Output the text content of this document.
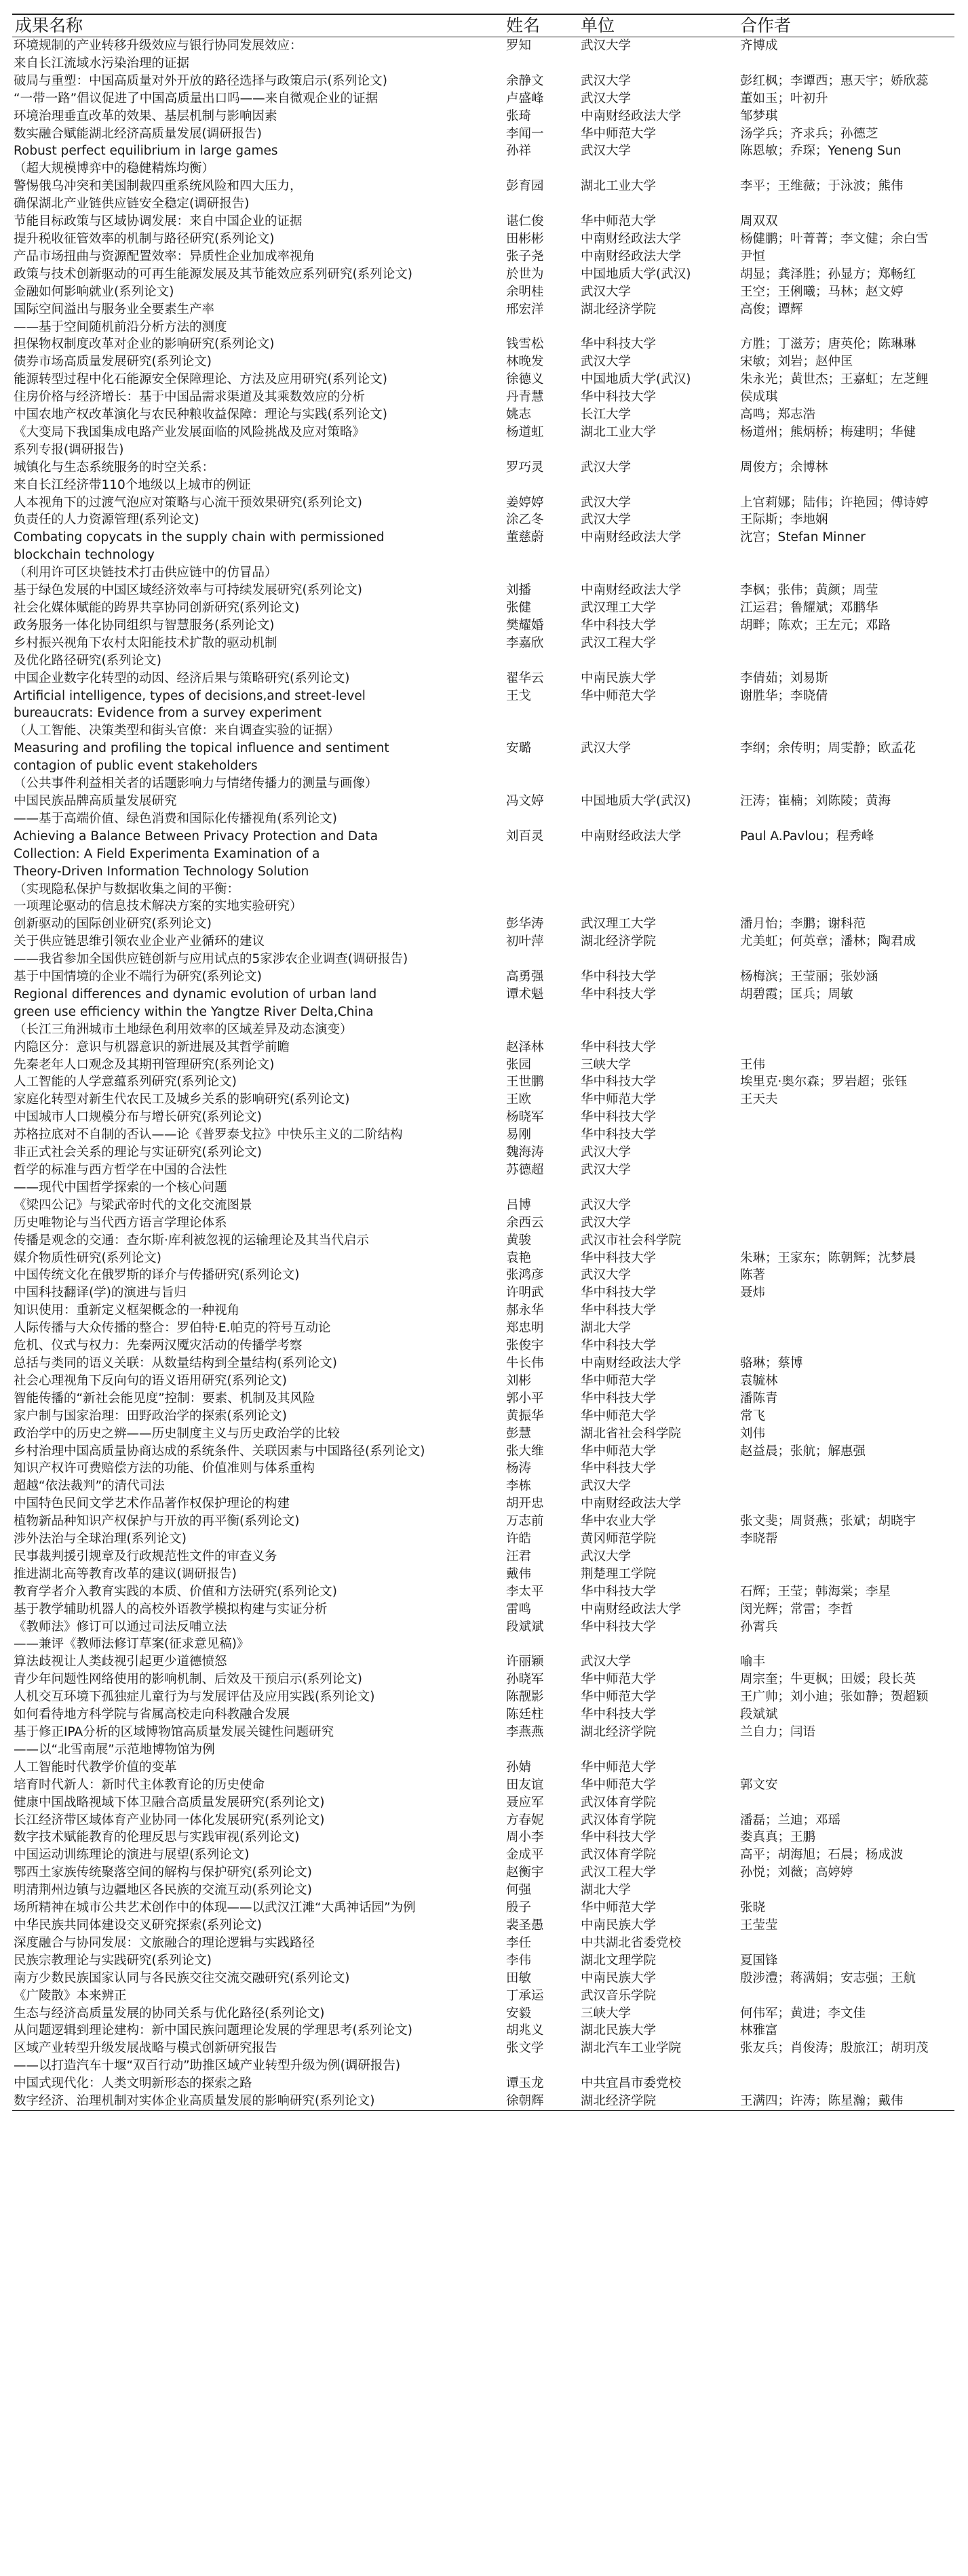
成果名称	姓名	单位	合作者

环境规制的产业转移升级效应与银行协同发展效应：
来自长江流域水污染治理的证据	罗知	武汉大学	齐博成

破局与重塑：中国高质量对外开放的路径选择与政策启示(系列论文)	余静文	武汉大学	彭红枫；李谭西；惠天宇；娇欣蕊

“一带一路”倡议促进了中国高质量出口吗——来自微观企业的证据	卢盛峰	武汉大学	董如玉；叶初升

环境治理垂直改革的效果、基层机制与影响因素	张琦	中南财经政法大学	邹梦琪

数实融合赋能湖北经济高质量发展(调研报告)	李闻一	华中师范大学	汤学兵；齐求兵；孙德芝

Robust perfect equilibrium in large games
（超大规模博弈中的稳健精炼均衡）	孙祥	武汉大学	陈恩敏；乔琛；Yeneng Sun

警惕俄乌冲突和美国制裁四重系统风险和四大压力，
确保湖北产业链供应链安全稳定(调研报告)	彭育园	湖北工业大学	李平；王维薇；于泳波；熊伟

节能目标政策与区域协调发展：来自中国企业的证据	谌仁俊	华中师范大学	周双双

提升税收征管效率的机制与路径研究(系列论文)	田彬彬	中南财经政法大学	杨健鹏；叶菁菁；李文健；余白雪

产品市场扭曲与资源配置效率：异质性企业加成率视角	张子尧	中南财经政法大学	尹恒

政策与技术创新驱动的可再生能源发展及其节能效应系列研究(系列论文)	於世为	中国地质大学(武汉)	胡显；龚泽胜；孙显方；郑畅红

金融如何影响就业(系列论文)	余明桂	武汉大学	王空；王俐曦；马林；赵文婷

国际空间溢出与服务业全要素生产率
——基于空间随机前沿分析方法的测度	邢宏洋	湖北经济学院	高俊；谭辉

担保物权制度改革对企业的影响研究(系列论文)	钱雪松	华中科技大学	方胜；丁滋芳；唐英伦；陈琳琳

债券市场高质量发展研究(系列论文)	林晚发	武汉大学	宋敏；刘岩；赵仲匡

能源转型过程中化石能源安全保障理论、方法及应用研究(系列论文)	徐德义	中国地质大学(武汉)	朱永光；黄世杰；王嘉虹；左芝鲤

住房价格与经济增长：基于中国品需求渠道及其乘数效应的分析	丹青慧	华中科技大学	侯成琪

中国农地产权改革演化与农民种粮收益保障：理论与实践(系列论文)	姚志	长江大学	高鸣；郑志浩

《大变局下我国集成电路产业发展面临的风险挑战及应对策略》
系列专报(调研报告)	杨道虹	湖北工业大学	杨道州；熊炳桥；梅建明；华健

城镇化与生态系统服务的时空关系：
来自长江经济带110个地级以上城市的例证	罗巧灵	武汉大学	周俊方；余博林

人本视角下的过渡气泡应对策略与心流干预效果研究(系列论文)	姜婷婷	武汉大学	上官莉娜；陆伟；许艳园；傅诗婷

负责任的人力资源管理(系列论文)	涂乙冬	武汉大学	王际斯；李地娴

Combating copycats in the supply chain with permissioned
blockchain technology
（利用许可区块链技术打击供应链中的仿冒品）	董慈蔚	中南财经政法大学	沈宫；Stefan Minner

基于绿色发展的中国区域经济效率与可持续发展研究(系列论文)	刘播	中南财经政法大学	李枫；张伟；黄颜；周莹

社会化媒体赋能的跨界共享协同创新研究(系列论文)	张健	武汉理工大学	江运君；鲁耀斌；邓鹏华

政务服务一体化协同组织与智慧服务(系列论文)	樊耀婚	华中科技大学	胡畔；陈欢；王左元；邓路

乡村振兴视角下农村太阳能技术扩散的驱动机制
及优化路径研究(系列论文)	李嘉欣	武汉工程大学	

中国企业数字化转型的动因、经济后果与策略研究(系列论文)	翟华云	中南民族大学	李倩茹；刘易斯

Artificial intelligence, types of decisions,and street-level
bureaucrats: Evidence from a survey experiment
（人工智能、决策类型和街头官僚：来自调查实验的证据）	王戈	华中师范大学	谢胜华；李晓倩

Measuring and profiling the topical influence and sentiment
contagion of public event stakeholders
（公共事件利益相关者的话题影响力与情绪传播力的测量与画像）	安璐	武汉大学	李纲；余传明；周雯静；欧孟花

中国民族品牌高质量发展研究
——基于高端价值、绿色消费和国际化传播视角(系列论文)	冯文婷	中国地质大学(武汉)	汪涛；崔楠；刘陈陵；黄海

Achieving a Balance Between Privacy Protection and Data
Collection: A Field Experimenta Examination of a
Theory-Driven Information Technology Solution
（实现隐私保护与数据收集之间的平衡：
一项理论驱动的信息技术解决方案的实地实验研究）	刘百灵	中南财经政法大学	Paul A.Pavlou；程秀峰

创新驱动的国际创业研究(系列论文)	彭华涛	武汉理工大学	潘月怡；李鹏；谢科范

关于供应链思维引领农业企业产业循环的建议
——我省参加全国供应链创新与应用试点的5家涉农企业调查(调研报告)	初叶萍	湖北经济学院	尤美虹；何英章；潘林；陶君成

基于中国情境的企业不端行为研究(系列论文)	高勇强	华中科技大学	杨梅滨；王莹丽；张妙涵

Regional differences and dynamic evolution of urban land
green use efficiency within the Yangtze River Delta,China
（长江三角洲城市土地绿色利用效率的区域差异及动态演变）	谭术魁	华中科技大学	胡碧霞；匡兵；周敏

内隐区分：意识与机器意识的新进展及其哲学前瞻	赵泽林	华中科技大学	

先秦老年人口观念及其期刊管理研究(系列论文)	张园	三峡大学	王伟

人工智能的人学意蕴系列研究(系列论文)	王世鹏	华中科技大学	埃里克·奥尔森；罗岩超；张钰

家庭化转型对新生代农民工及城乡关系的影响研究(系列论文)	王欧	华中师范大学	王天夫

中国城市人口规模分布与增长研究(系列论文)	杨晓军	华中科技大学	

苏格拉底对不自制的否认——论《普罗泰戈拉》中快乐主义的二阶结构	易刚	华中科技大学	

非正式社会关系的理论与实证研究(系列论文)	魏海涛	武汉大学	

哲学的标准与西方哲学在中国的合法性
——现代中国哲学探索的一个核心问题	苏德超	武汉大学	

《梁四公记》与梁武帝时代的文化交流图景	吕博	武汉大学	

历史唯物论与当代西方语言学理论体系	余西云	武汉大学	

传播是观念的交通：查尔斯·库利被忽视的运输理论及其当代启示	黄骏	武汉市社会科学院	

媒介物质性研究(系列论文)	袁艳	华中科技大学	朱琳；王家东；陈朝辉；沈梦晨

中国传统文化在俄罗斯的译介与传播研究(系列论文)	张鸿彦	武汉大学	陈著

中国科技翻译(学)的演进与旨归	许明武	华中科技大学	聂炜

知识使用：重新定义框架概念的一种视角	郝永华	华中科技大学	

人际传播与大众传播的整合：罗伯特·E.帕克的符号互动论	郑忠明	湖北大学	

危机、仪式与权力：先秦两汉魇灾活动的传播学考察	张俊宇	华中科技大学	

总括与类同的语义关联：从数量结构到全量结构(系列论文)	牛长伟	中南财经政法大学	骆琳；蔡博

社会心理视角下反向句的语义语用研究(系列论文)	刘彬	华中师范大学	袁毓林

智能传播的“新社会能见度”控制：要素、机制及其风险	郭小平	华中科技大学	潘陈青

家户制与国家治理：田野政治学的探索(系列论文)	黄振华	华中师范大学	常飞

政治学中的历史之辨——历史制度主义与历史政治学的比较	彭慧	湖北省社会科学院	刘伟

乡村治理中国高质量协商达成的系统条件、关联因素与中国路径(系列论文)	张大维	华中师范大学	赵益晨；张航；解惠强

知识产权许可费赔偿方法的功能、价值准则与体系重构	杨涛	华中科技大学	

超越“依法裁判”的清代司法	李栋	武汉大学	

中国特色民间文学艺术作品著作权保护理论的构建	胡开忠	中南财经政法大学	

植物新品种知识产权保护与开放的再平衡(系列论文)	万志前	华中农业大学	张文斐；周贤燕；张斌；胡晓宇

涉外法治与全球治理(系列论文)	许皓	黄冈师范学院	李晓帮

民事裁判援引规章及行政规范性文件的审查义务	汪君	武汉大学	

推进湖北高等教育改革的建议(调研报告)	戴伟	荆楚理工学院	

教育学者介入教育实践的本质、价值和方法研究(系列论文)	李太平	华中科技大学	石辉；王莹；韩海棠；李星

基于教学辅助机器人的高校外语教学模拟构建与实证分析	雷鸣	中南财经政法大学	闵光辉；常雷；李哲

《教师法》修订可以通过司法反哺立法
——兼评《教师法修订草案(征求意见稿)》	段斌斌	华中科技大学	孙霄兵

算法歧视让人类歧视引起更少道德愤怒	许丽颖	武汉大学	喻丰

青少年问题性网络使用的影响机制、后效及干预启示(系列论文)	孙晓军	华中师范大学	周宗奎；牛更枫；田媛；段长英

人机交互环境下孤独症儿童行为与发展评估及应用实践(系列论文)	陈靓影	华中师范大学	王广帅；刘小迪；张如静；贺超颖

如何看待地方科学院与省属高校走向科教融合发展	陈廷柱	华中科技大学	段斌斌

基于修正IPA分析的区域博物馆高质量发展关键性问题研究
——以“北雪南展”示范地博物馆为例	李燕燕	湖北经济学院	兰自力；闫语

人工智能时代教学价值的变革	孙婧	华中师范大学	

培育时代新人：新时代主体教育论的历史使命	田友谊	华中师范大学	郭文安

健康中国战略视域下体卫融合高质量发展研究(系列论文)	聂应军	武汉体育学院	

长江经济带区域体育产业协同一体化发展研究(系列论文)	方春妮	武汉体育学院	潘磊；兰迪；邓瑶

数字技术赋能教育的伦理反思与实践审视(系列论文)	周小李	华中科技大学	娄真真；王鹏

中国运动训练理论的演进与展望(系列论文)	金成平	武汉体育学院	高平；胡海旭；石晨；杨成波

鄂西土家族传统聚落空间的解构与保护研究(系列论文)	赵衡宇	武汉工程大学	孙悦；刘薇；高婷婷

明清荆州边镇与边疆地区各民族的交流互动(系列论文)	何强	湖北大学	

场所精神在城市公共艺术创作中的体现——以武汉江滩“大禹神话园”为例	殷子	华中师范大学	张晓

中华民族共同体建设交叉研究探索(系列论文)	裴圣愚	中南民族大学	王莹莹

深度融合与协同发展：文旅融合的理论逻辑与实践路径	李任	中共湖北省委党校	

民族宗教理论与实践研究(系列论文)	李伟	湖北文理学院	夏国锋

南方少数民族国家认同与各民族交往交流交融研究(系列论文)	田敏	中南民族大学	殷涉澧；蒋满娟；安志强；王航

《广陵散》本来辨正	丁承运	武汉音乐学院	

生态与经济高质量发展的协同关系与优化路径(系列论文)	安毅	三峡大学	何伟军；黄进；李文佳

从问题逻辑到理论建构：新中国民族问题理论发展的学理思考(系列论文)	胡兆义	湖北民族大学	林雅富

区域产业转型升级发展战略与模式创新研究报告
——以打造汽车十堰“双百行动”助推区域产业转型升级为例(调研报告)	张文学	湖北汽车工业学院	张友兵；肖俊涛；殷旅江；胡玥茂

中国式现代化：人类文明新形态的探索之路	谭玉龙	中共宜昌市委党校	

数字经济、治理机制对实体企业高质量发展的影响研究(系列论文)	徐朝辉	湖北经济学院	王满四；许涛；陈星瀚；戴伟
